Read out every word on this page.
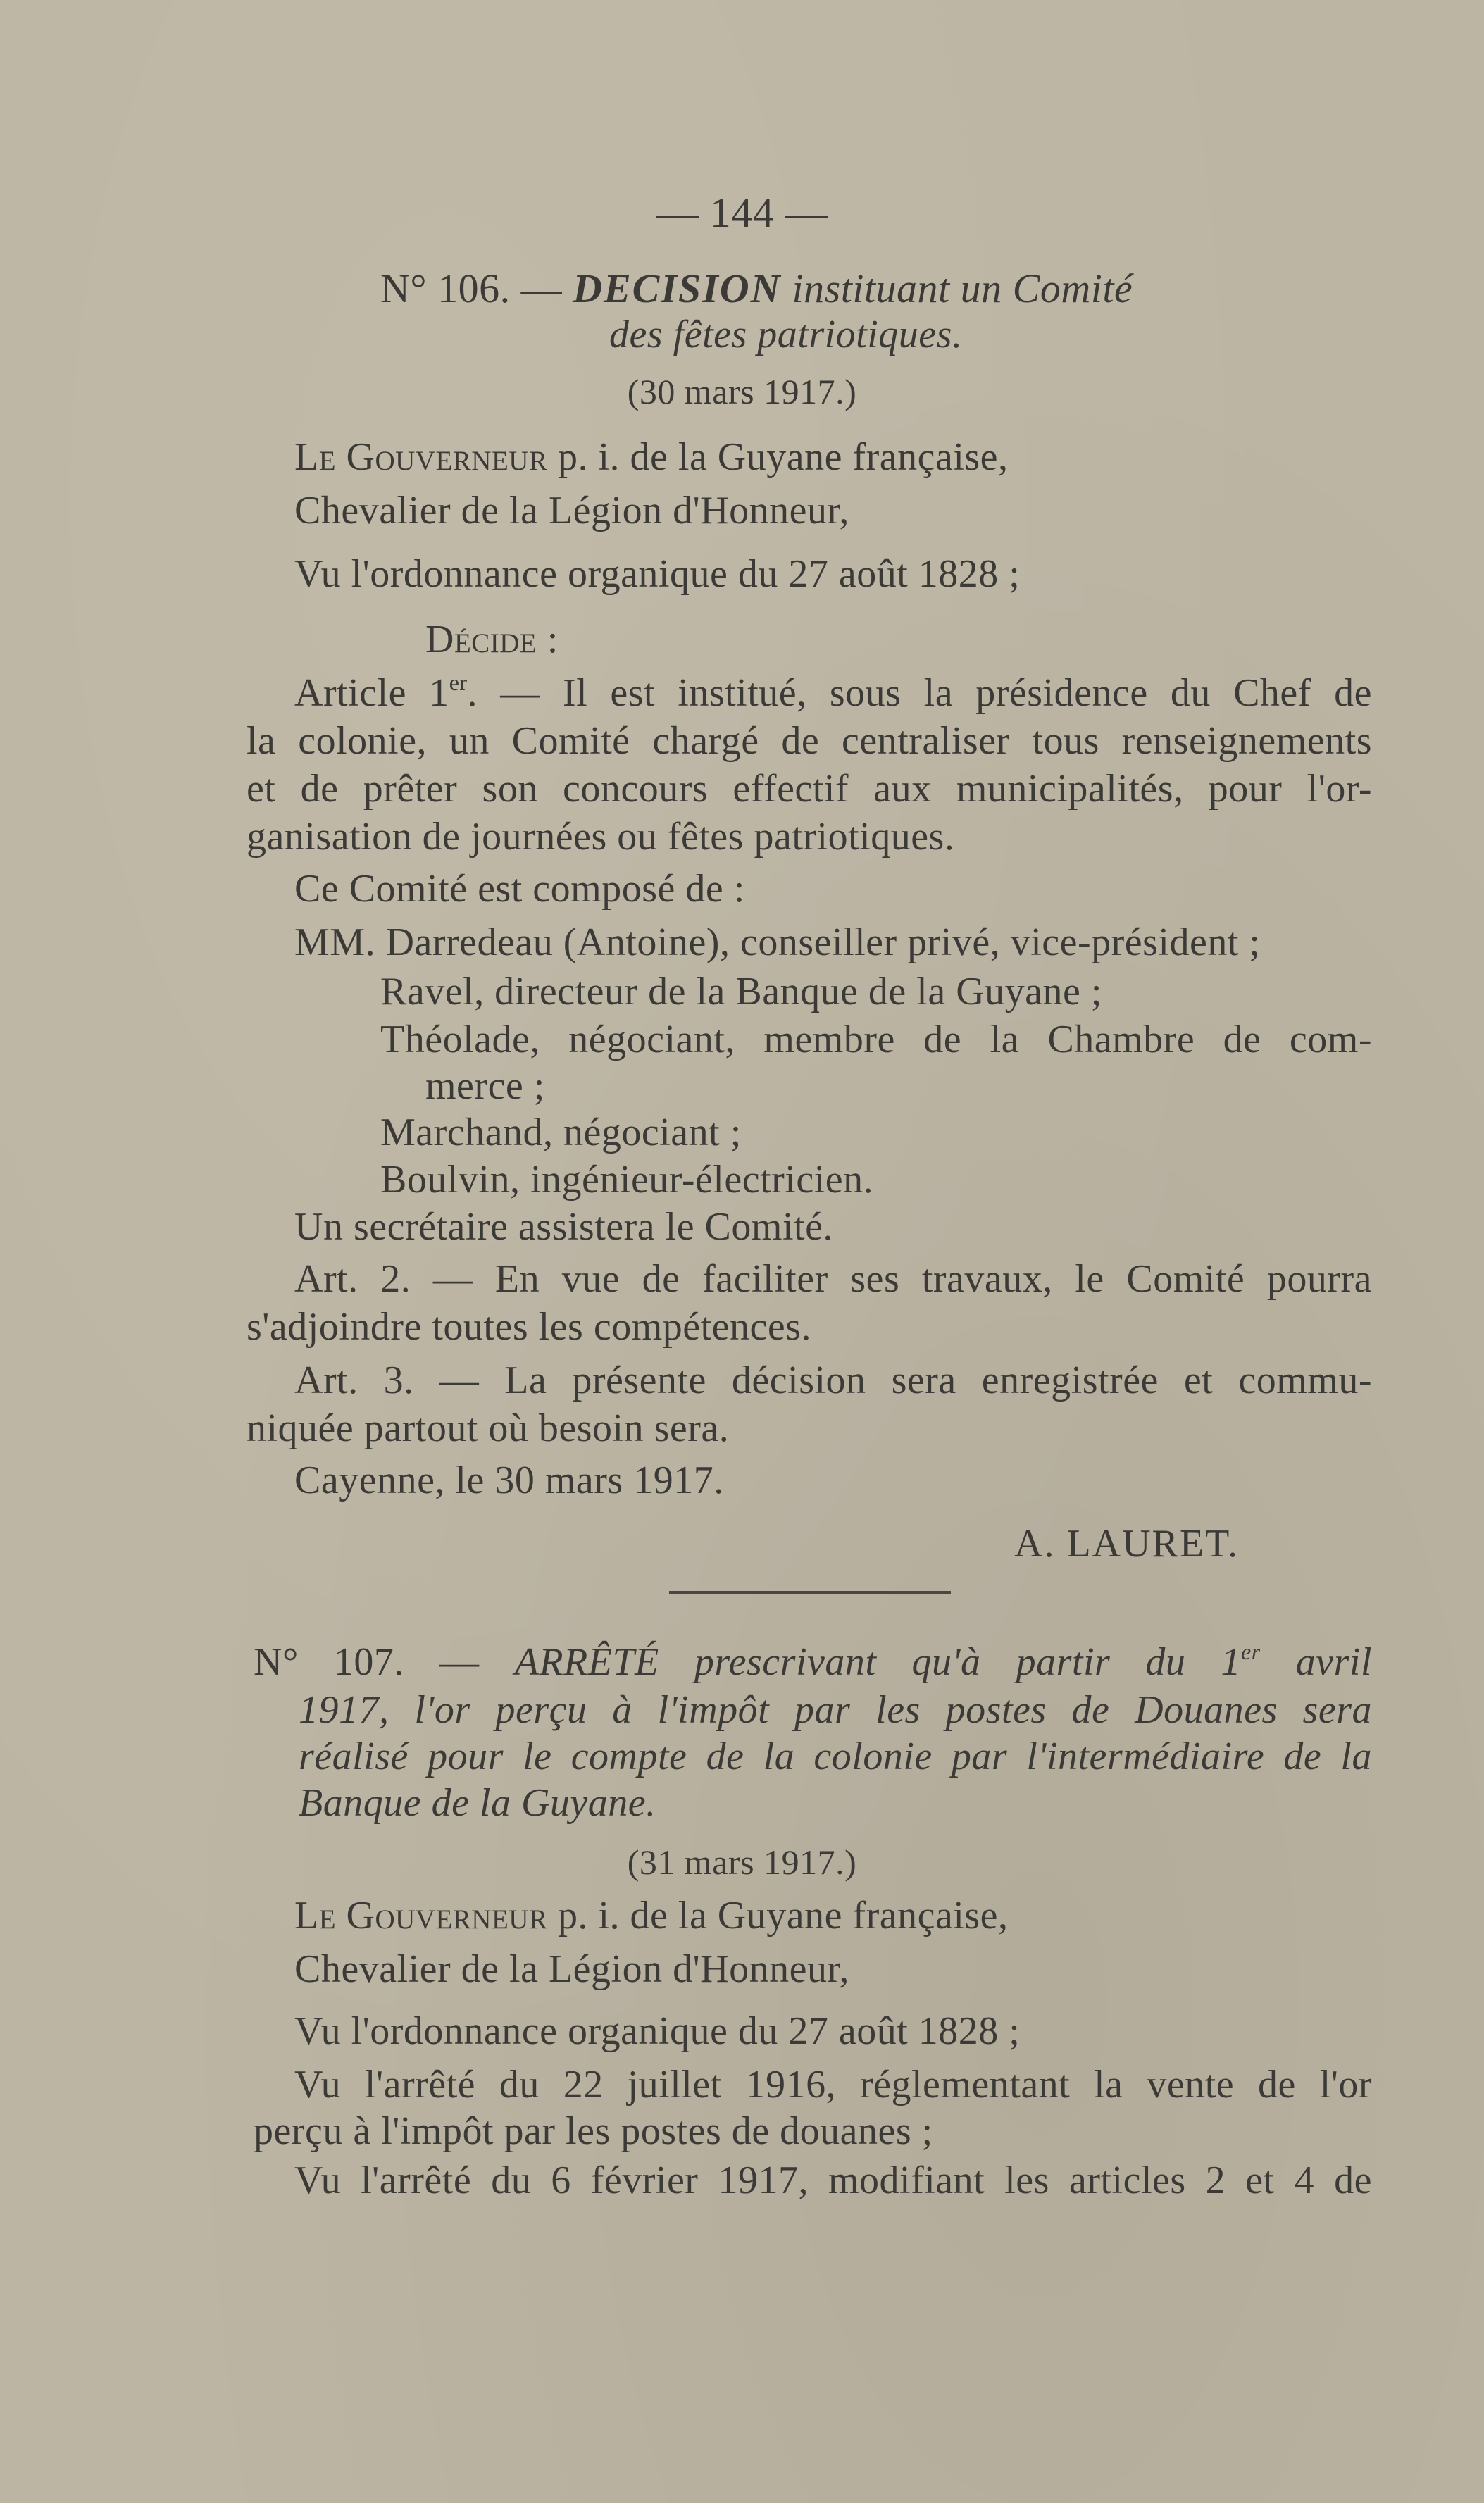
— 144 —
N° 106. — DECISION instituant un Comité
des fêtes patriotiques.
(30 mars 1917.)
Le Gouverneur p. i. de la Guyane française,
Chevalier de la Légion d'Honneur,
Vu l'ordonnance organique du 27 août 1828 ;
Décide :
Article 1er. — Il est institué, sous la présidence du Chef de
la colonie, un Comité chargé de centraliser tous renseignements
et de prêter son concours effectif aux municipalités, pour l'or-
ganisation de journées ou fêtes patriotiques.
Ce Comité est composé de :
MM. Darredeau (Antoine), conseiller privé, vice-président ;
Ravel, directeur de la Banque de la Guyane ;
Théolade, négociant, membre de la Chambre de com-
merce ;
Marchand, négociant ;
Boulvin, ingénieur-électricien.
Un secrétaire assistera le Comité.
Art. 2. — En vue de faciliter ses travaux, le Comité pourra
s'adjoindre toutes les compétences.
Art. 3. — La présente décision sera enregistrée et commu-
niquée partout où besoin sera.
Cayenne, le 30 mars 1917.
A. LAURET.
N° 107. — ARRÊTÉ prescrivant qu'à partir du 1er avril
1917, l'or perçu à l'impôt par les postes de Douanes sera
réalisé pour le compte de la colonie par l'intermédiaire de la
Banque de la Guyane.
(31 mars 1917.)
Le Gouverneur p. i. de la Guyane française,
Chevalier de la Légion d'Honneur,
Vu l'ordonnance organique du 27 août 1828 ;
Vu l'arrêté du 22 juillet 1916, réglementant la vente de l'or
perçu à l'impôt par les postes de douanes ;
Vu l'arrêté du 6 février 1917, modifiant les articles 2 et 4 de
